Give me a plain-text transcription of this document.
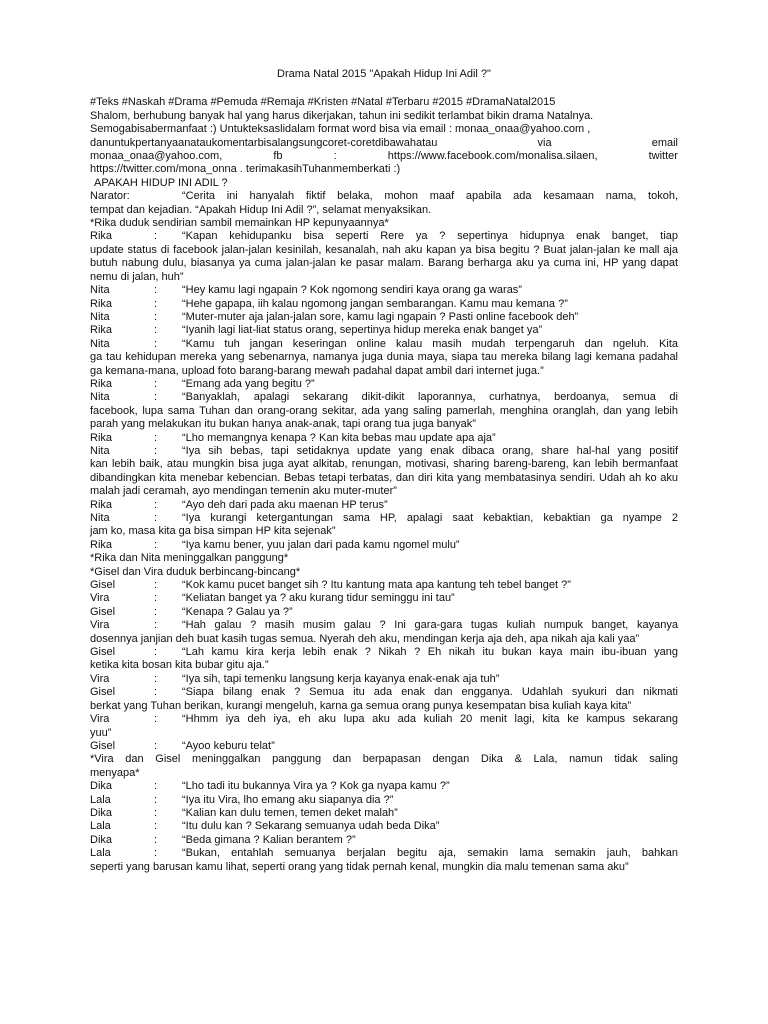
Drama Natal 2015 "Apakah Hidup Ini Adil ?"
#Teks #Naskah #Drama #Pemuda #Remaja #Kristen #Natal #Terbaru #2015 #DramaNatal2015
Shalom, berhubung banyak hal yang harus dikerjakan, tahun ini sedikit terlambat bikin drama Natalnya.
Semogabisabermanfaat :) Untukteksaslidalam format word bisa via email : monaa_onaa@yahoo.com ,
danuntukpertanyaanataukomentarbisalangsungcoret-coretdibawahatau	via	email
monaa_onaa@yahoo.com,	fb	:	https://www.facebook.com/monalisa.silaen,	twitter
https://twitter.com/mona_onna . terimakasihTuhanmemberkati :)
APAKAH HIDUP INI ADIL ?
Narator:	“Cerita ini hanyalah fiktif belaka, mohon maaf apabila ada kesamaan nama, tokoh,
tempat dan kejadian. “Apakah Hidup Ini Adil ?”, selamat menyaksikan.
*Rika duduk sendirian sambil memainkan HP kepunyaannya*
Rika	:	“Kapan kehidupanku bisa seperti Rere ya ? sepertinya hidupnya enak banget, tiap
update status di facebook jalan-jalan kesinilah, kesanalah, nah aku kapan ya bisa begitu ? Buat jalan-jalan ke mall aja butuh nabung dulu, biasanya ya cuma jalan-jalan ke pasar malam. Barang berharga aku ya cuma ini, HP yang dapat nemu di jalan, huh”
Nita	:	“Hey kamu lagi ngapain ? Kok ngomong sendiri kaya orang ga waras”
Rika	:	“Hehe gapapa, iih kalau ngomong jangan sembarangan. Kamu mau kemana ?”
Nita	:	“Muter-muter aja jalan-jalan sore, kamu lagi ngapain ? Pasti online facebook deh”
Rika	:	“Iyanih lagi liat-liat status orang, sepertinya hidup mereka enak banget ya”
Nita	:	“Kamu tuh jangan keseringan online kalau masih mudah terpengaruh dan ngeluh. Kita
ga tau kehidupan mereka yang sebenarnya, namanya juga dunia maya, siapa tau mereka bilang lagi kemana padahal ga kemana-mana, upload foto barang-barang mewah padahal dapat ambil dari internet juga.”
Rika	:	“Emang ada yang begitu ?”
Nita	:	“Banyaklah, apalagi sekarang dikit-dikit laporannya, curhatnya, berdoanya, semua di
facebook, lupa sama Tuhan dan orang-orang sekitar, ada yang saling pamerlah, menghina oranglah, dan yang lebih parah yang melakukan itu bukan hanya anak-anak, tapi orang tua juga banyak”
Rika	:	“Lho memangnya kenapa ? Kan kita bebas mau update apa aja”
Nita	:	“Iya sih bebas, tapi setidaknya update yang enak dibaca orang, share hal-hal yang positif
kan lebih baik, atau mungkin bisa juga ayat alkitab, renungan, motivasi, sharing bareng-bareng, kan lebih bermanfaat dibandingkan kita menebar kebencian. Bebas tetapi terbatas, dan diri kita yang membatasinya sendiri. Udah ah ko aku malah jadi ceramah, ayo mendingan temenin aku muter-muter”
Rika	:	“Ayo deh dari pada aku maenan HP terus”
Nita	:	“Iya kurangi ketergantungan sama HP, apalagi saat kebaktian, kebaktian ga nyampe 2
jam ko, masa kita ga bisa simpan HP kita sejenak”
Rika	:	“Iya kamu bener, yuu jalan dari pada kamu ngomel mulu”
*Rika dan Nita meninggalkan panggung*
*Gisel dan Vira duduk berbincang-bincang*
Gisel	:	“Kok kamu pucet banget sih ? Itu kantung mata apa kantung teh tebel banget ?”
Vira	:	“Keliatan banget ya ? aku kurang tidur seminggu ini tau”
Gisel	:	“Kenapa ? Galau ya ?”
Vira	:	“Hah galau ? masih musim galau ? Ini gara-gara tugas kuliah numpuk banget, kayanya
dosennya janjian deh buat kasih tugas semua. Nyerah deh aku, mendingan kerja aja deh, apa nikah aja kali yaa”
Gisel	:	“Lah kamu kira kerja lebih enak ? Nikah ? Eh nikah itu bukan kaya main ibu-ibuan yang
ketika kita bosan kita bubar gitu aja.”
Vira	:	“Iya sih, tapi temenku langsung kerja kayanya enak-enak aja tuh”
Gisel	:	“Siapa bilang enak ? Semua itu ada enak dan engganya. Udahlah syukuri dan nikmati
berkat yang Tuhan berikan, kurangi mengeluh, karna ga semua orang punya kesempatan bisa kuliah kaya kita”
Vira	:	“Hhmm iya deh iya, eh aku lupa aku ada kuliah 20 menit lagi, kita ke kampus sekarang
yuu”
Gisel	:	“Ayoo keburu telat”
*Vira dan Gisel meninggalkan panggung dan berpapasan dengan Dika & Lala, namun tidak saling
menyapa*
Dika	:	“Lho tadi itu bukannya Vira ya ? Kok ga nyapa kamu ?”
Lala	:	“Iya itu Vira, lho emang aku siapanya dia ?”
Dika	:	“Kalian kan dulu temen, temen deket malah”
Lala	:	“Itu dulu kan ? Sekarang semuanya udah beda Dika”
Dika	:	“Beda gimana ? Kalian berantem ?”
Lala	:	“Bukan, entahlah semuanya berjalan begitu aja, semakin lama semakin jauh, bahkan
seperti yang barusan kamu lihat, seperti orang yang tidak pernah kenal, mungkin dia malu temenan sama aku”
